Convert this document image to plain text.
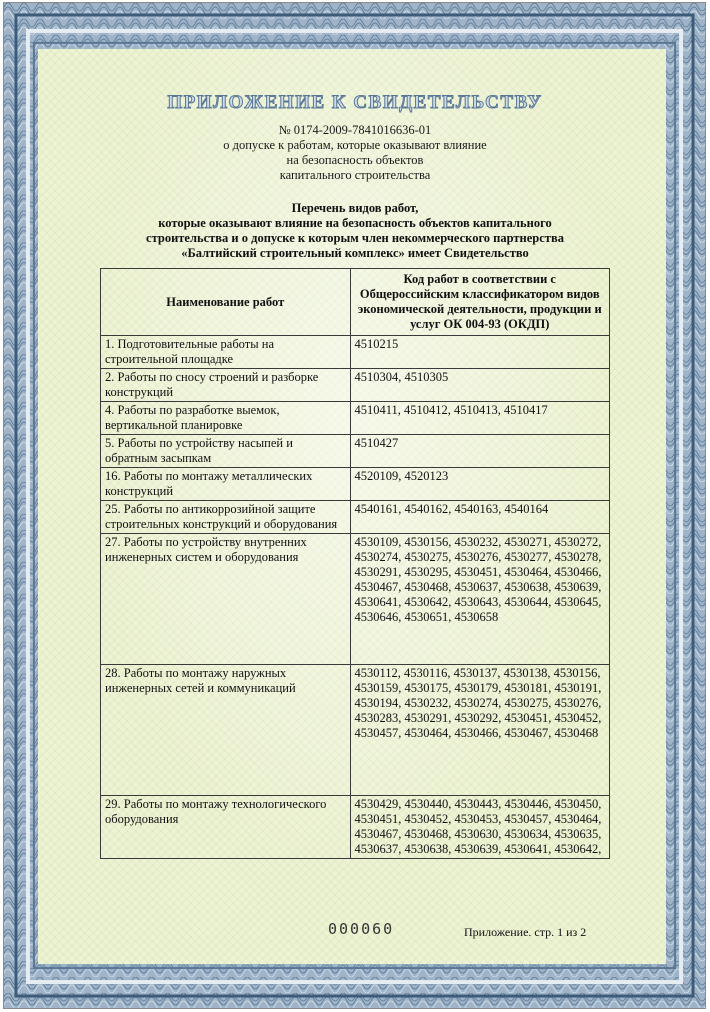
ПРИЛОЖЕНИЕ К СВИДЕТЕЛЬСТВУ
№ 0174-2009-7841016636-01
о допуске к работам, которые оказывают влияние
на безопасность объектов
капитального строительства
Перечень видов работ,
которые оказывают влияние на безопасность объектов капитального
строительства и о допуске к которым член некоммерческого партнерства
«Балтийский строительный комплекс» имеет Свидетельство
Наименование работ	Код работ в соответствии с Общероссийским классификатором видов экономической деятельности, продукции и услуг ОК 004-93 (ОКДП)
1. Подготовительные работы на строительной площадке	4510215
2. Работы по сносу строений и разборке конструкций	4510304, 4510305
4. Работы по разработке выемок, вертикальной планировке	4510411, 4510412, 4510413, 4510417
5. Работы по устройству насыпей и обратным засыпкам	4510427
16. Работы по монтажу металлических конструкций	4520109, 4520123
25. Работы по антикоррозийной защите строительных конструкций и оборудования	4540161, 4540162, 4540163, 4540164
27. Работы по устройству внутренних инженерных систем и оборудования	4530109, 4530156, 4530232, 4530271, 4530272, 4530274, 4530275, 4530276, 4530277, 4530278, 4530291, 4530295, 4530451, 4530464, 4530466, 4530467, 4530468, 4530637, 4530638, 4530639, 4530641, 4530642, 4530643, 4530644, 4530645, 4530646, 4530651, 4530658
28. Работы по монтажу наружных инженерных сетей и коммуникаций	4530112, 4530116, 4530137, 4530138, 4530156, 4530159, 4530175, 4530179, 4530181, 4530191, 4530194, 4530232, 4530274, 4530275, 4530276, 4530283, 4530291, 4530292, 4530451, 4530452, 4530457, 4530464, 4530466, 4530467, 4530468
29. Работы по монтажу технологического оборудования	4530429, 4530440, 4530443, 4530446, 4530450, 4530451, 4530452, 4530453, 4530457, 4530464, 4530467, 4530468, 4530630, 4530634, 4530635, 4530637, 4530638, 4530639, 4530641, 4530642,
000060	Приложение. стр. 1 из 2
